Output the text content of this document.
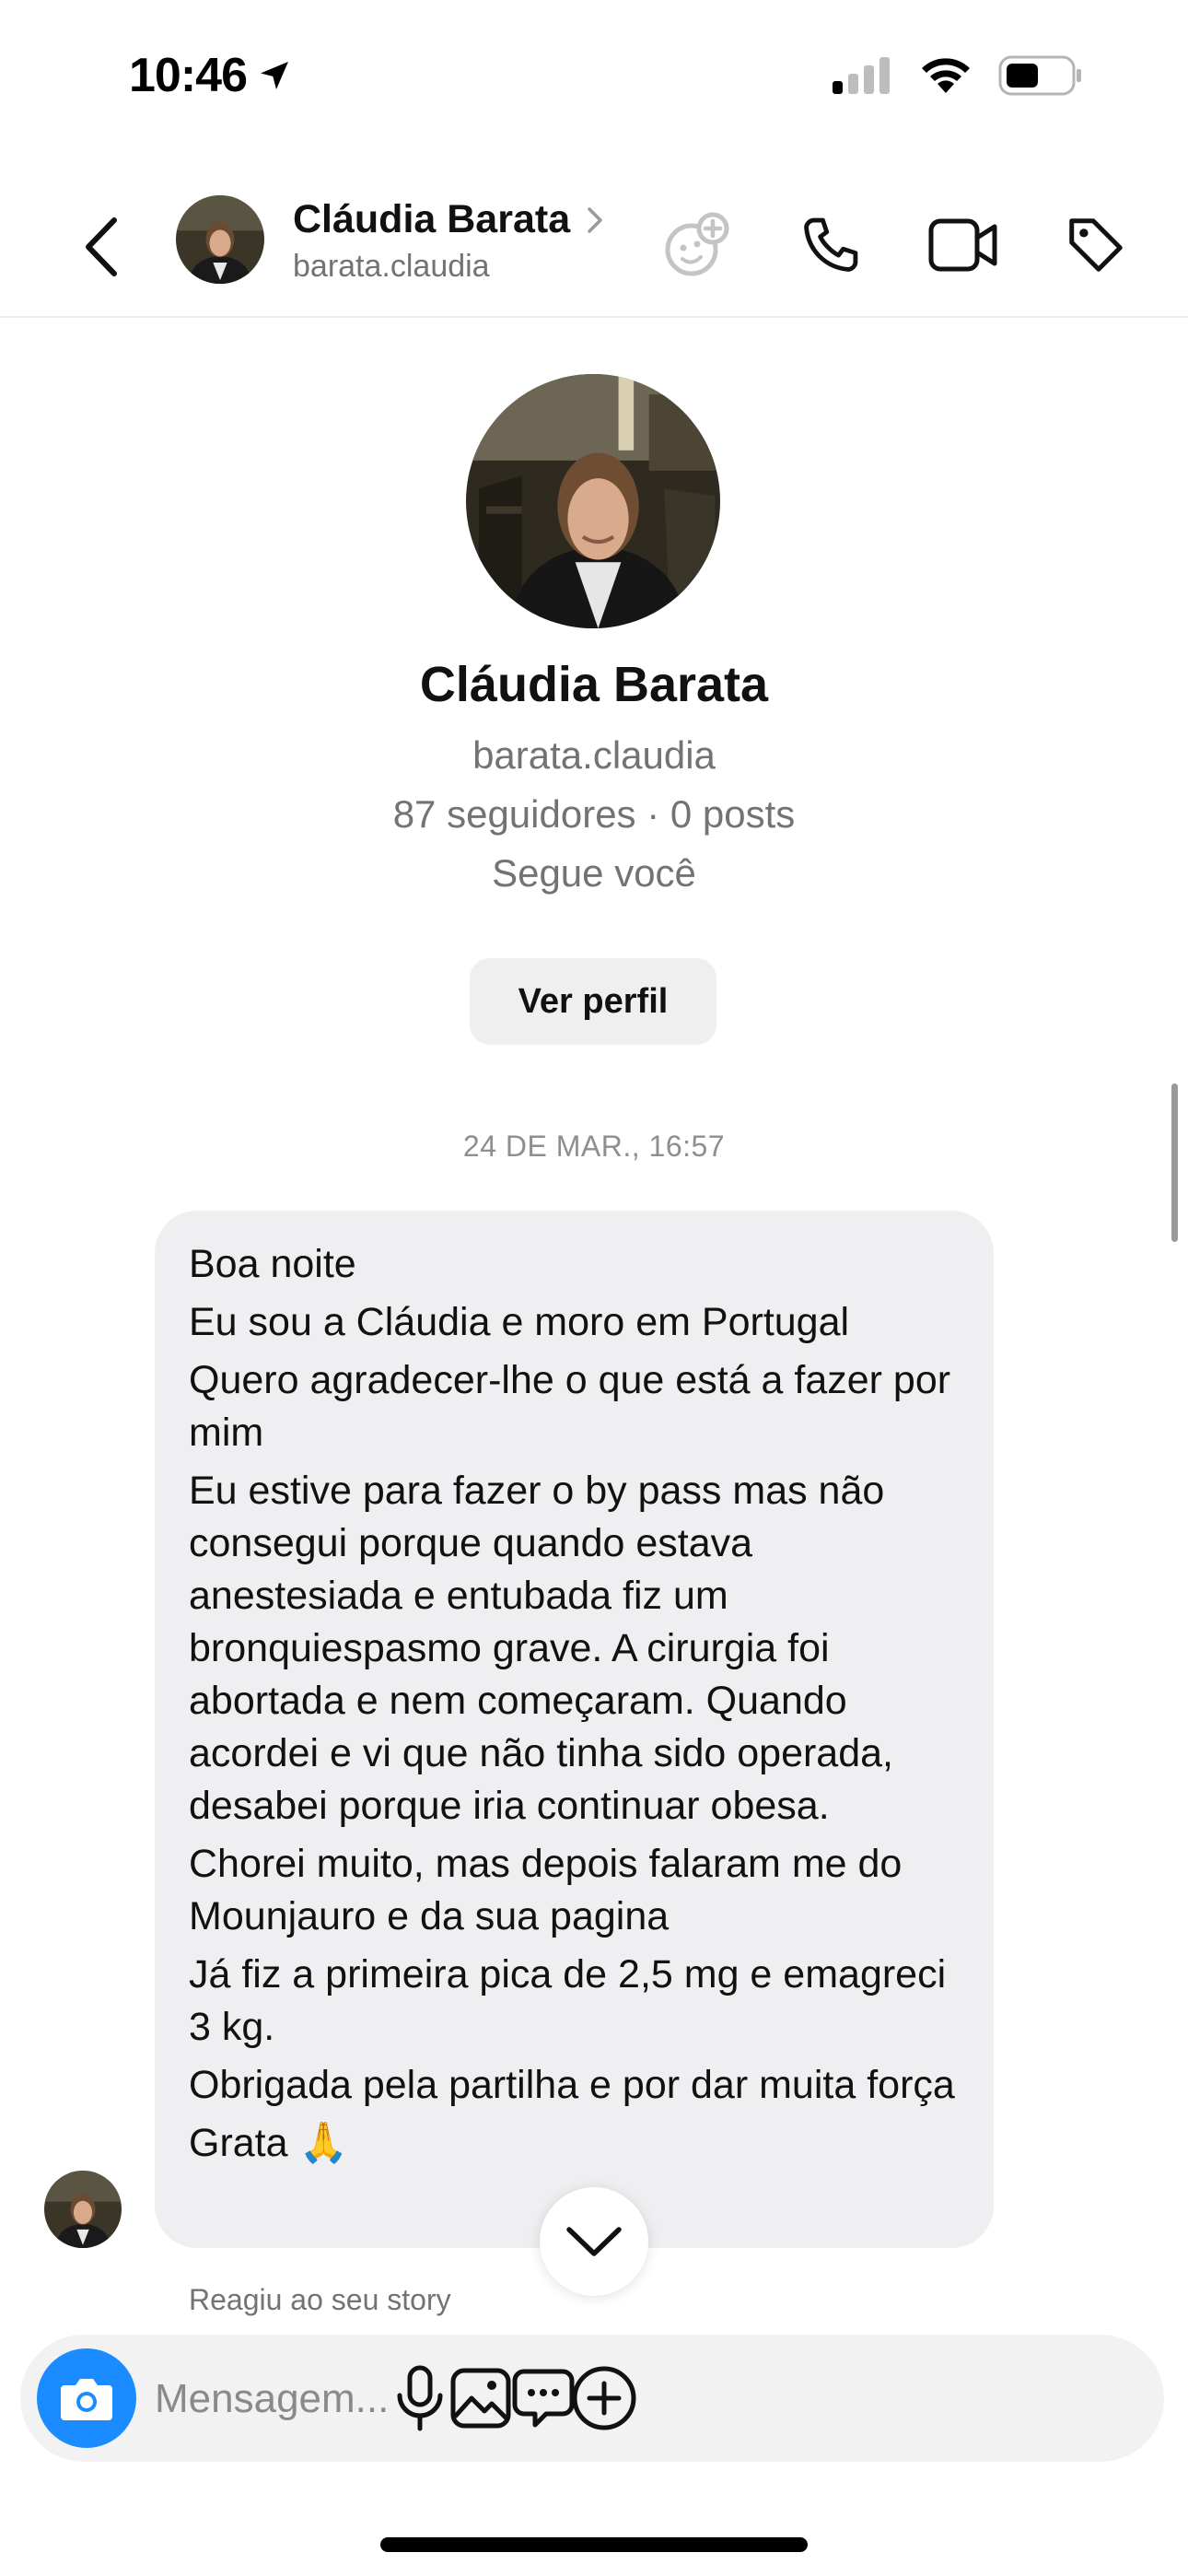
10:46
Cláudia Barata
barata.claudia
Cláudia Barata
barata.claudia
87 seguidores · 0 posts
Segue você
Ver perfil
24 DE MAR., 16:57

Boa noite

Eu sou a Cláudia e moro em Portugal

Quero agradecer-lhe o que está a fazer por mim

Eu estive para fazer o by pass mas não consegui porque quando estava anestesiada e entubada fiz um bronquiespasmo grave. A cirurgia foi abortada e nem começaram. Quando acordei e vi que não tinha sido operada, desabei porque iria continuar obesa.

Chorei muito, mas depois falaram me do Mounjauro e da sua pagina

Já fiz a primeira pica de 2,5 mg e emagreci 3 kg.

Obrigada pela partilha e por dar muita força

Grata 🙏

Reagiu ao seu story
Mensagem...
